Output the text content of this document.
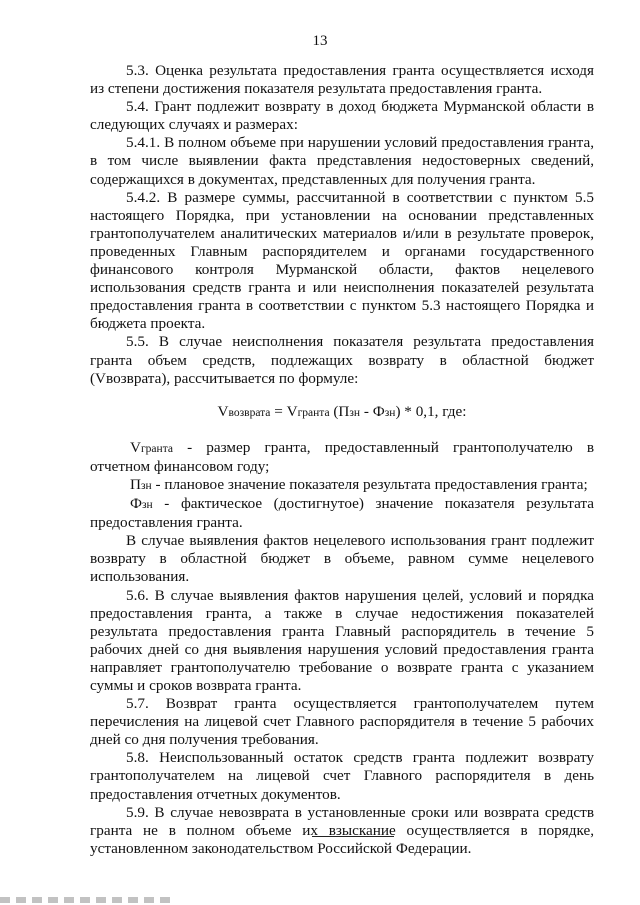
13

5.3. Оценка результата предоставления гранта осуществляется исходя из степени достижения показателя результата предоставления гранта.

5.4. Грант подлежит возврату в доход бюджета Мурманской области в следующих случаях и размерах:

5.4.1. В полном объеме при нарушении условий предоставления гранта, в том числе выявлении факта представления недостоверных сведений, содержащихся в документах, представленных для получения гранта.

5.4.2. В размере суммы, рассчитанной в соответствии с пунктом 5.5 настоящего Порядка, при установлении на основании представленных грантополучателем аналитических материалов и/или в результате проверок, проведенных Главным распорядителем и органами государственного финансового контроля Мурманской области, фактов нецелевого использования средств гранта и или неисполнения показателей результата предоставления гранта в соответствии с пунктом 5.3 настоящего Порядка и бюджета проекта.

5.5. В случае неисполнения показателя результата предоставления гранта объем средств, подлежащих возврату в областной бюджет (Vвозврата), рассчитывается по формуле:

Vвозврата = Vгранта (Пзн - Фзн) * 0,1, где:

Vгранта - размер гранта, предоставленный грантополучателю в отчетном финансовом году;

Пзн - плановое значение показателя результата предоставления гранта;

Фзн - фактическое (достигнутое) значение показателя результата предоставления гранта.

В случае выявления фактов нецелевого использования грант подлежит возврату в областной бюджет в объеме, равном сумме нецелевого использования.

5.6. В случае выявления фактов нарушения целей, условий и порядка предоставления гранта, а также в случае недостижения показателей результата предоставления гранта Главный распорядитель в течение 5 рабочих дней со дня выявления нарушения условий предоставления гранта направляет грантополучателю требование о возврате гранта с указанием суммы и сроков возврата гранта.

5.7. Возврат гранта осуществляется грантополучателем путем перечисления на лицевой счет Главного распорядителя в течение 5 рабочих дней со дня получения требования.

5.8. Неиспользованный остаток средств гранта подлежит возврату грантополучателем на лицевой счет Главного распорядителя в день предоставления отчетных документов.

5.9. В случае невозврата в установленные сроки или возврата средств гранта не в полном объеме их взыскание осуществляется в порядке, установленном законодательством Российской Федерации.
